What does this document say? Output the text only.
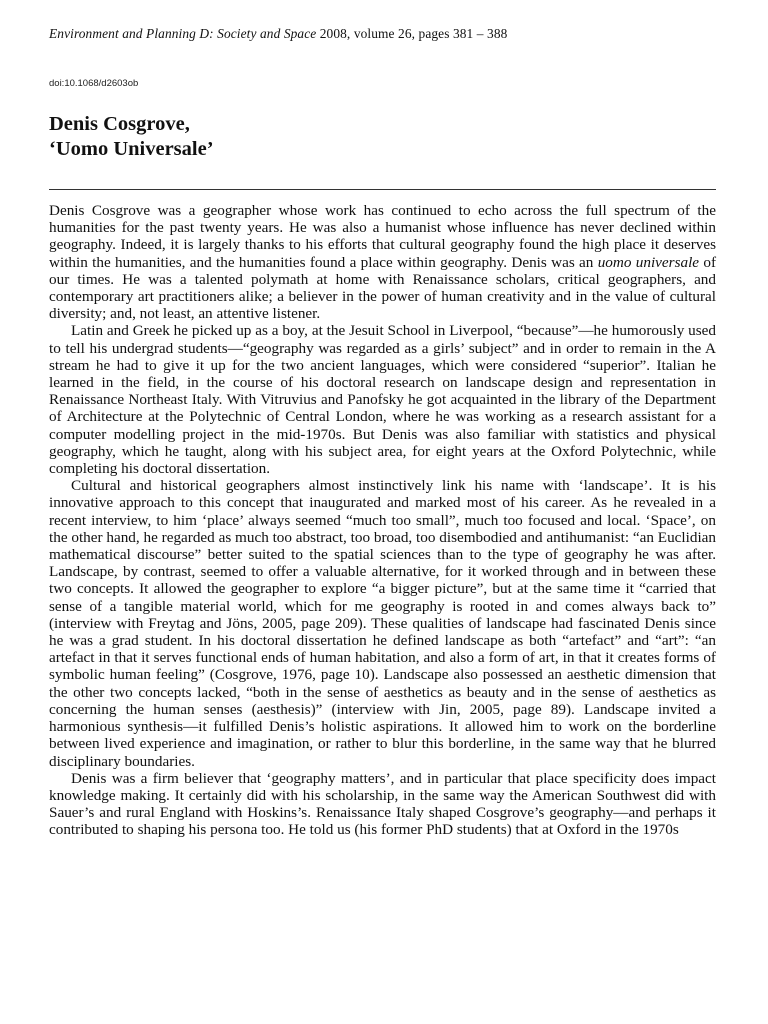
Environment and Planning D: Society and Space 2008, volume 26, pages 381 – 388
doi:10.1068/d2603ob
Denis Cosgrove,
‘Uomo Universale’

Denis Cosgrove was a geographer whose work has continued to echo across the full spectrum of the humanities for the past twenty years. He was also a humanist whose influence has never declined within geography. Indeed, it is largely thanks to his efforts that cultural geography found the high place it deserves within the humanities, and the humanities found a place within geography. Denis was an uomo universale of our times. He was a talented polymath at home with Renaissance scholars, critical geographers, and contemporary art practitioners alike; a believer in the power of human creativity and in the value of cultural diversity; and, not least, an attentive listener.

Latin and Greek he picked up as a boy, at the Jesuit School in Liverpool, “because”—he humorously used to tell his undergrad students—“geography was regarded as a girls’ subject” and in order to remain in the A stream he had to give it up for the two ancient languages, which were considered “superior”. Italian he learned in the field, in the course of his doctoral research on landscape design and representation in Renaissance Northeast Italy. With Vitruvius and Panofsky he got acquainted in the library of the Department of Architecture at the Polytechnic of Central London, where he was working as a research assistant for a computer modelling project in the mid-1970s. But Denis was also familiar with statistics and physical geography, which he taught, along with his subject area, for eight years at the Oxford Polytechnic, while completing his doctoral dissertation.

Cultural and historical geographers almost instinctively link his name with ‘landscape’. It is his innovative approach to this concept that inaugurated and marked most of his career. As he revealed in a recent interview, to him ‘place’ always seemed “much too small”, much too focused and local. ‘Space’, on the other hand, he regarded as much too abstract, too broad, too disembodied and antihumanist: “an Euclidian mathematical discourse” better suited to the spatial sciences than to the type of geography he was after. Landscape, by contrast, seemed to offer a valuable alternative, for it worked through and in between these two concepts. It allowed the geographer to explore “a bigger picture”, but at the same time it “carried that sense of a tangible material world, which for me geography is rooted in and comes always back to” (interview with Freytag and Jöns, 2005, page 209). These qualities of landscape had fascinated Denis since he was a grad student. In his doctoral dissertation he defined landscape as both “artefact” and “art”: “an artefact in that it serves functional ends of human habitation, and also a form of art, in that it creates forms of symbolic human feeling” (Cosgrove, 1976, page 10). Landscape also possessed an aesthetic dimension that the other two concepts lacked, “both in the sense of aesthetics as beauty and in the sense of aesthetics as concerning the human senses (aesthesis)” (interview with Jin, 2005, page 89). Landscape invited a harmonious synthesis—it fulfilled Denis’s holistic aspirations. It allowed him to work on the borderline between lived experience and imagination, or rather to blur this borderline, in the same way that he blurred disciplinary boundaries.

Denis was a firm believer that ‘geography matters’, and in particular that place specificity does impact knowledge making. It certainly did with his scholarship, in the same way the American Southwest did with Sauer’s and rural England with Hoskins’s. Renaissance Italy shaped Cosgrove’s geography—and perhaps it contributed to shaping his persona too. He told us (his former PhD students) that at Oxford in the 1970s
